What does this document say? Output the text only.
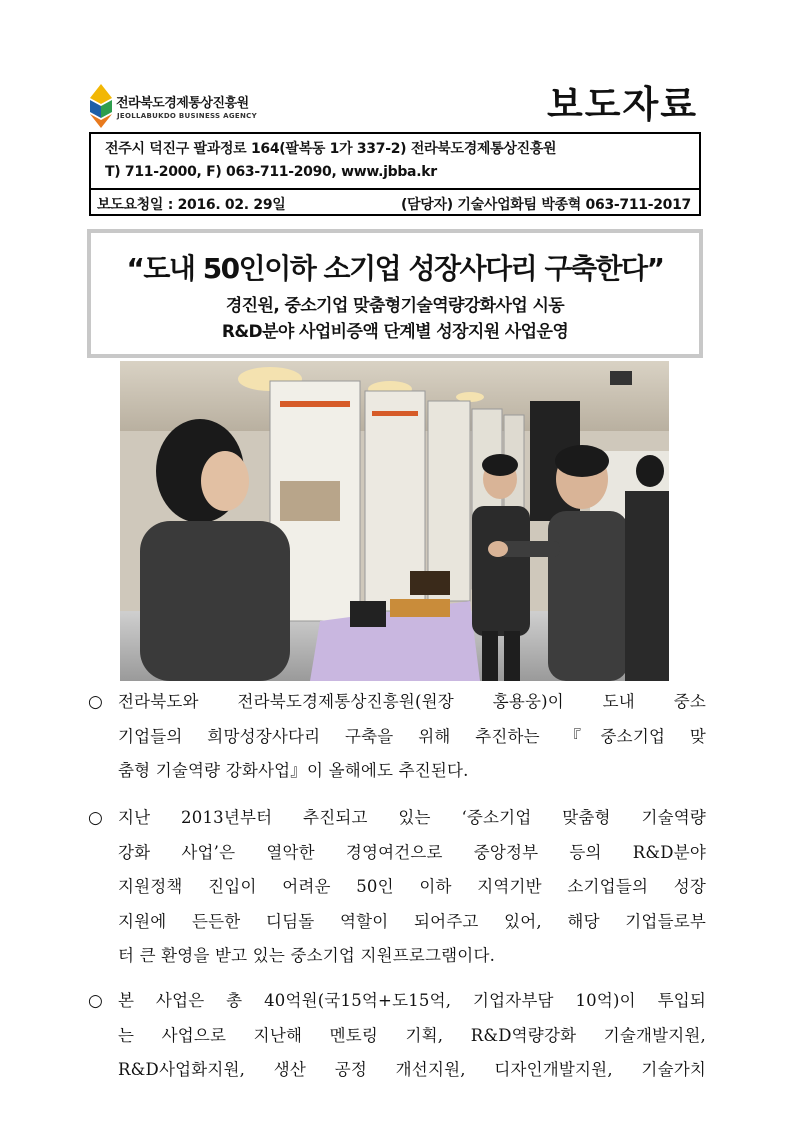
전라북도경제통상진흥원
JEOLLABUKDO BUSINESS AGENCY	보도자료
전주시 덕진구 팔과정로 164(팔복동 1가 337-2) 전라북도경제통상진흥원
T) 711-2000, F) 063-711-2090, www.jbba.kr
보도요청일 : 2016. 02. 29일	(담당자) 기술사업화팀 박종혁 063-711-2017
“도내 50인이하 소기업 성장사다리 구축한다”
경진원, 중소기업 맞춤형기술역량강화사업 시동
R&D분야 사업비증액 단계별 성장지원 사업운영
○ 전라북도와 전라북도경제통상진흥원(원장 홍용웅)이 도내 중소
기업들의 희망성장사다리 구축을 위해 추진하는 『중소기업 맞
춤형 기술역량 강화사업』이 올해에도 추진된다.
○ 지난 2013년부터 추진되고 있는 ‘중소기업 맞춤형 기술역량
강화 사업’은 열악한 경영여건으로 중앙정부 등의 R&D분야
지원정책 진입이 어려운 50인 이하 지역기반 소기업들의 성장
지원에 든든한 디딤돌 역할이 되어주고 있어, 해당 기업들로부
터 큰 환영을 받고 있는 중소기업 지원프로그램이다.
○ 본 사업은 총 40억원(국15억+도15억, 기업자부담 10억)이 투입되
는 사업으로 지난해 멘토링 기획, R&D역량강화 기술개발지원,
R&D사업화지원, 생산 공정 개선지원, 디자인개발지원, 기술가치
